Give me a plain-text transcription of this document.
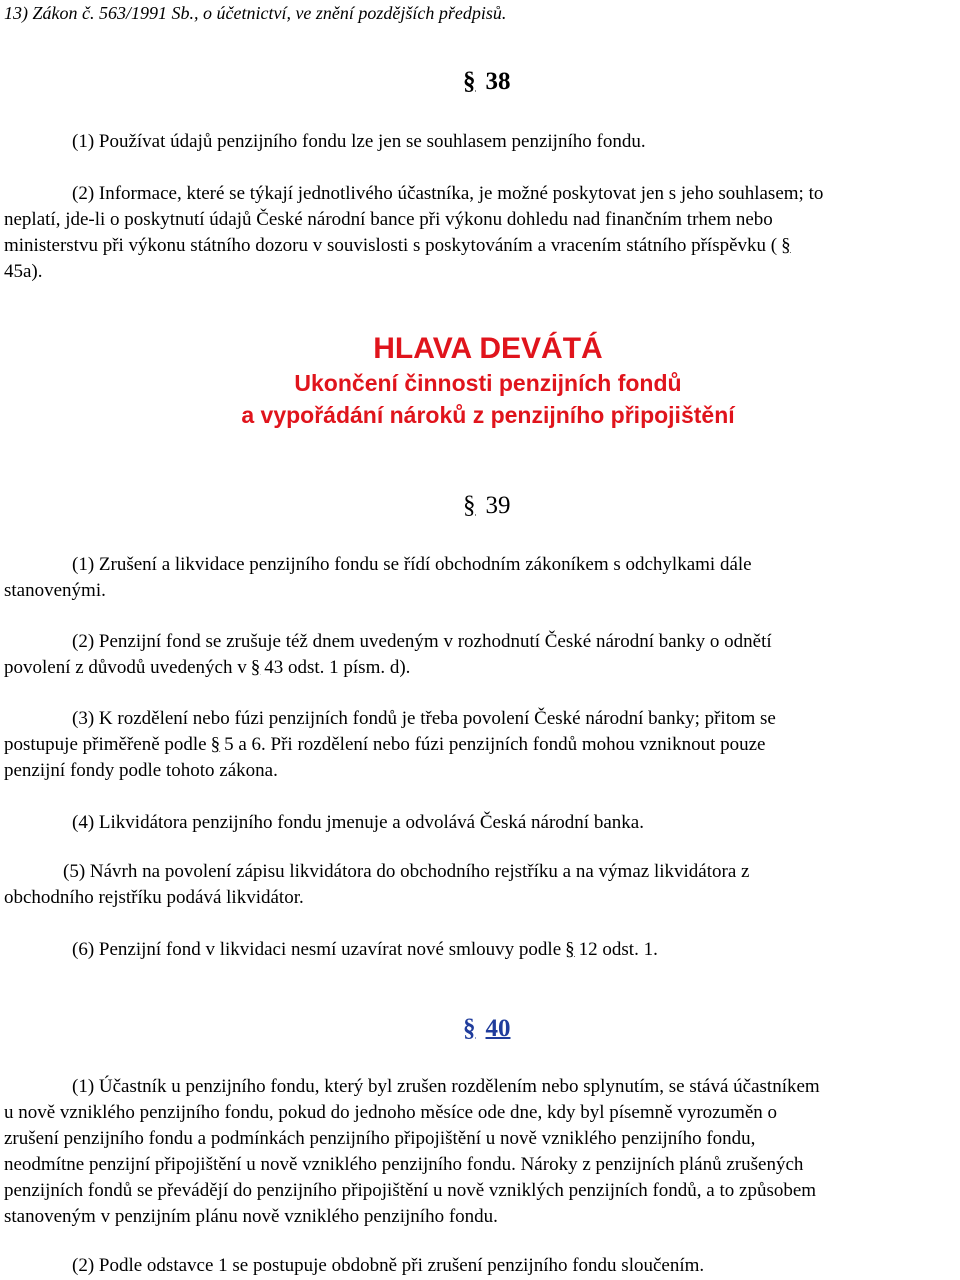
13) Zákon č. 563/1991 Sb., o účetnictví, ve znění pozdějších předpisů.
§ 38
(1) Používat údajů penzijního fondu lze jen se souhlasem penzijního fondu.
(2) Informace, které se týkají jednotlivého účastníka, je možné poskytovat jen s jeho souhlasem; to
neplatí, jde-li o poskytnutí údajů České národní bance při výkonu dohledu nad finančním trhem nebo
ministerstvu při výkonu státního dozoru v souvislosti s poskytováním a vracením státního příspěvku ( §
45a).
HLAVA DEVÁTÁ
Ukončení činnosti penzijních fondů
a vypořádání nároků z penzijního připojištění
§ 39
(1) Zrušení a likvidace penzijního fondu se řídí obchodním zákoníkem s odchylkami dále
stanovenými.
(2) Penzijní fond se zrušuje též dnem uvedeným v rozhodnutí České národní banky o odnětí
povolení z důvodů uvedených v § 43 odst. 1 písm. d).
(3) K rozdělení nebo fúzi penzijních fondů je třeba povolení České národní banky; přitom se
postupuje přiměřeně podle § 5 a 6. Při rozdělení nebo fúzi penzijních fondů mohou vzniknout pouze
penzijní fondy podle tohoto zákona.
(4) Likvidátora penzijního fondu jmenuje a odvolává Česká národní banka.
(5) Návrh na povolení zápisu likvidátora do obchodního rejstříku a na výmaz likvidátora z
obchodního rejstříku podává likvidátor.
(6) Penzijní fond v likvidaci nesmí uzavírat nové smlouvy podle § 12 odst. 1.
§ 40
(1) Účastník u penzijního fondu, který byl zrušen rozdělením nebo splynutím, se stává účastníkem
u nově vzniklého penzijního fondu, pokud do jednoho měsíce ode dne, kdy byl písemně vyrozuměn o
zrušení penzijního fondu a podmínkách penzijního připojištění u nově vzniklého penzijního fondu,
neodmítne penzijní připojištění u nově vzniklého penzijního fondu. Nároky z penzijních plánů zrušených
penzijních fondů se převádějí do penzijního připojištění u nově vzniklých penzijních fondů, a to způsobem
stanoveným v penzijním plánu nově vzniklého penzijního fondu.
(2) Podle odstavce 1 se postupuje obdobně při zrušení penzijního fondu sloučením.
